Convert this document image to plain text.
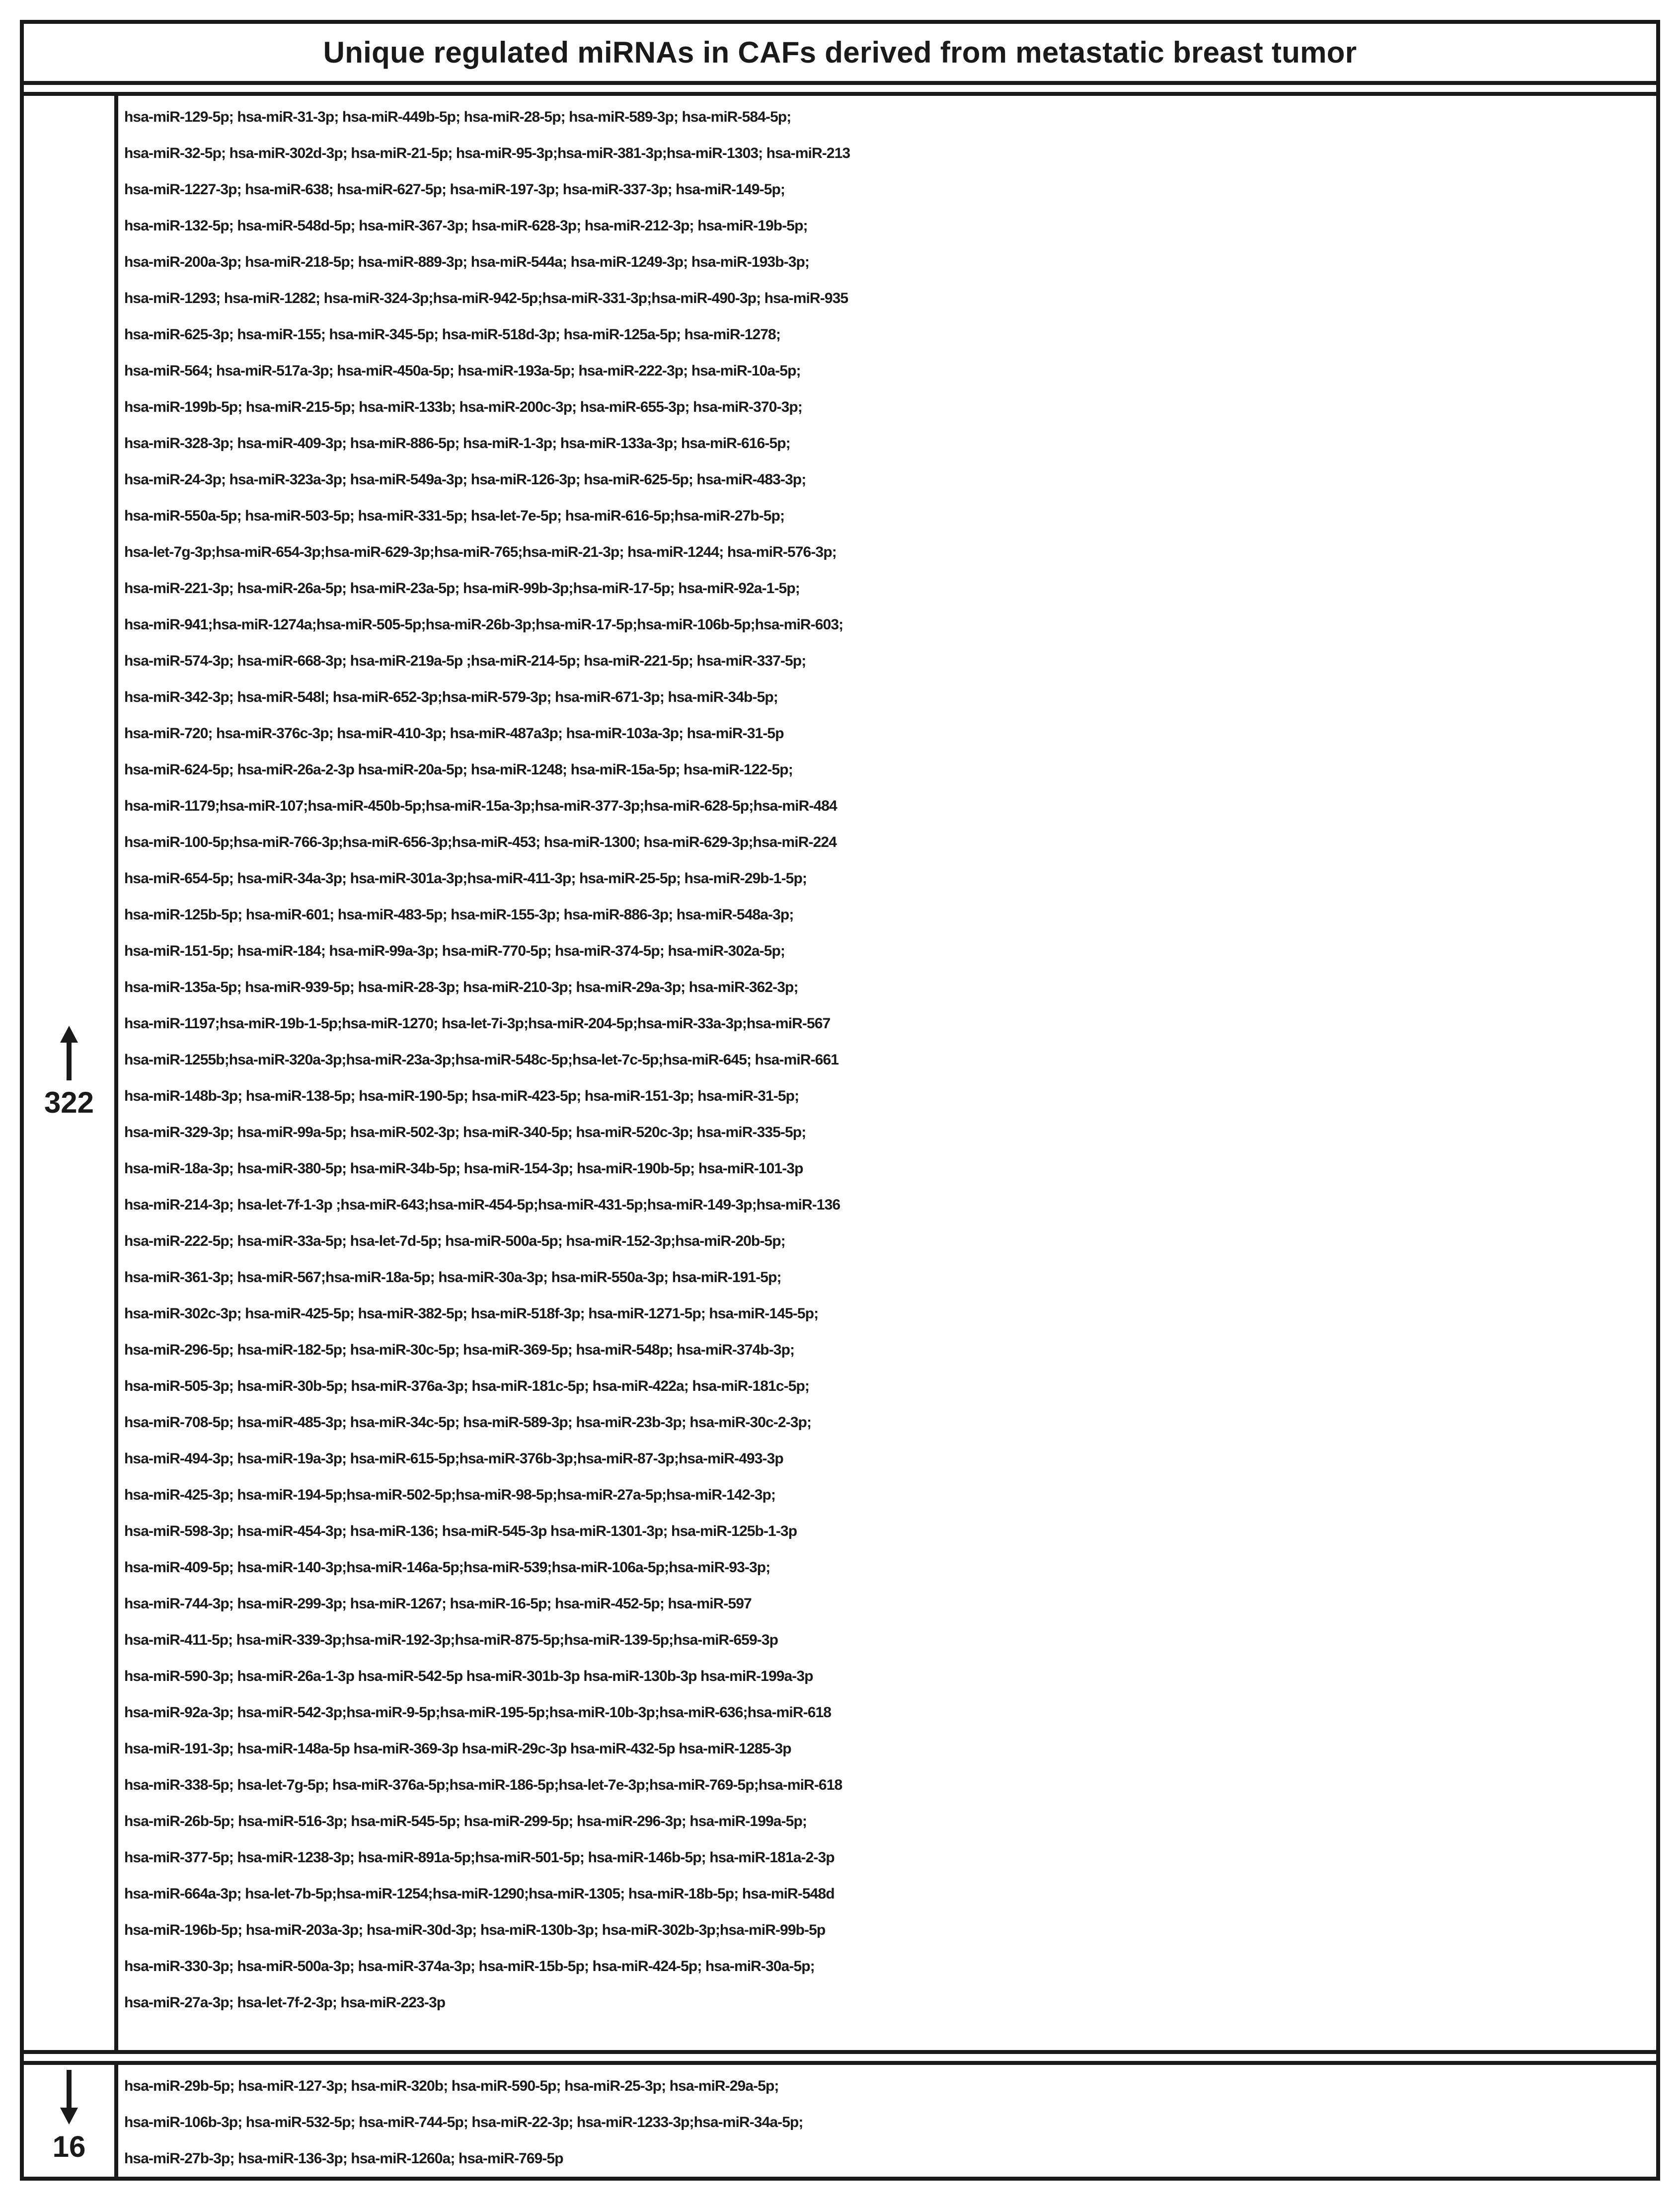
Unique regulated miRNAs in CAFs derived from metastatic breast tumor
322
hsa-miR-129-5p; hsa-miR-31-3p; hsa-miR-449b-5p; hsa-miR-28-5p; hsa-miR-589-3p; hsa-miR-584-5p;
hsa-miR-32-5p; hsa-miR-302d-3p; hsa-miR-21-5p; hsa-miR-95-3p;hsa-miR-381-3p;hsa-miR-1303; hsa-miR-213
hsa-miR-1227-3p; hsa-miR-638; hsa-miR-627-5p; hsa-miR-197-3p; hsa-miR-337-3p; hsa-miR-149-5p;
hsa-miR-132-5p; hsa-miR-548d-5p; hsa-miR-367-3p; hsa-miR-628-3p; hsa-miR-212-3p; hsa-miR-19b-5p;
hsa-miR-200a-3p; hsa-miR-218-5p; hsa-miR-889-3p; hsa-miR-544a; hsa-miR-1249-3p; hsa-miR-193b-3p;
hsa-miR-1293; hsa-miR-1282; hsa-miR-324-3p;hsa-miR-942-5p;hsa-miR-331-3p;hsa-miR-490-3p; hsa-miR-935
hsa-miR-625-3p; hsa-miR-155; hsa-miR-345-5p; hsa-miR-518d-3p; hsa-miR-125a-5p; hsa-miR-1278;
hsa-miR-564; hsa-miR-517a-3p; hsa-miR-450a-5p; hsa-miR-193a-5p; hsa-miR-222-3p; hsa-miR-10a-5p;
hsa-miR-199b-5p; hsa-miR-215-5p; hsa-miR-133b; hsa-miR-200c-3p; hsa-miR-655-3p; hsa-miR-370-3p;
hsa-miR-328-3p; hsa-miR-409-3p; hsa-miR-886-5p; hsa-miR-1-3p; hsa-miR-133a-3p; hsa-miR-616-5p;
hsa-miR-24-3p; hsa-miR-323a-3p; hsa-miR-549a-3p; hsa-miR-126-3p; hsa-miR-625-5p; hsa-miR-483-3p;
hsa-miR-550a-5p; hsa-miR-503-5p; hsa-miR-331-5p; hsa-let-7e-5p; hsa-miR-616-5p;hsa-miR-27b-5p;
hsa-let-7g-3p;hsa-miR-654-3p;hsa-miR-629-3p;hsa-miR-765;hsa-miR-21-3p; hsa-miR-1244; hsa-miR-576-3p;
hsa-miR-221-3p; hsa-miR-26a-5p; hsa-miR-23a-5p; hsa-miR-99b-3p;hsa-miR-17-5p; hsa-miR-92a-1-5p;
hsa-miR-941;hsa-miR-1274a;hsa-miR-505-5p;hsa-miR-26b-3p;hsa-miR-17-5p;hsa-miR-106b-5p;hsa-miR-603;
hsa-miR-574-3p; hsa-miR-668-3p; hsa-miR-219a-5p ;hsa-miR-214-5p; hsa-miR-221-5p; hsa-miR-337-5p;
hsa-miR-342-3p; hsa-miR-548l; hsa-miR-652-3p;hsa-miR-579-3p; hsa-miR-671-3p; hsa-miR-34b-5p;
hsa-miR-720; hsa-miR-376c-3p; hsa-miR-410-3p; hsa-miR-487a3p; hsa-miR-103a-3p; hsa-miR-31-5p
hsa-miR-624-5p; hsa-miR-26a-2-3p hsa-miR-20a-5p; hsa-miR-1248; hsa-miR-15a-5p; hsa-miR-122-5p;
hsa-miR-1179;hsa-miR-107;hsa-miR-450b-5p;hsa-miR-15a-3p;hsa-miR-377-3p;hsa-miR-628-5p;hsa-miR-484
hsa-miR-100-5p;hsa-miR-766-3p;hsa-miR-656-3p;hsa-miR-453; hsa-miR-1300; hsa-miR-629-3p;hsa-miR-224
hsa-miR-654-5p; hsa-miR-34a-3p; hsa-miR-301a-3p;hsa-miR-411-3p; hsa-miR-25-5p; hsa-miR-29b-1-5p;
hsa-miR-125b-5p; hsa-miR-601; hsa-miR-483-5p; hsa-miR-155-3p; hsa-miR-886-3p; hsa-miR-548a-3p;
hsa-miR-151-5p; hsa-miR-184; hsa-miR-99a-3p; hsa-miR-770-5p; hsa-miR-374-5p; hsa-miR-302a-5p;
hsa-miR-135a-5p; hsa-miR-939-5p; hsa-miR-28-3p; hsa-miR-210-3p; hsa-miR-29a-3p; hsa-miR-362-3p;
hsa-miR-1197;hsa-miR-19b-1-5p;hsa-miR-1270; hsa-let-7i-3p;hsa-miR-204-5p;hsa-miR-33a-3p;hsa-miR-567
hsa-miR-1255b;hsa-miR-320a-3p;hsa-miR-23a-3p;hsa-miR-548c-5p;hsa-let-7c-5p;hsa-miR-645; hsa-miR-661
hsa-miR-148b-3p; hsa-miR-138-5p; hsa-miR-190-5p; hsa-miR-423-5p; hsa-miR-151-3p; hsa-miR-31-5p;
hsa-miR-329-3p; hsa-miR-99a-5p; hsa-miR-502-3p; hsa-miR-340-5p; hsa-miR-520c-3p; hsa-miR-335-5p;
hsa-miR-18a-3p; hsa-miR-380-5p; hsa-miR-34b-5p; hsa-miR-154-3p; hsa-miR-190b-5p; hsa-miR-101-3p
hsa-miR-214-3p; hsa-let-7f-1-3p ;hsa-miR-643;hsa-miR-454-5p;hsa-miR-431-5p;hsa-miR-149-3p;hsa-miR-136
hsa-miR-222-5p; hsa-miR-33a-5p; hsa-let-7d-5p; hsa-miR-500a-5p; hsa-miR-152-3p;hsa-miR-20b-5p;
hsa-miR-361-3p; hsa-miR-567;hsa-miR-18a-5p; hsa-miR-30a-3p; hsa-miR-550a-3p; hsa-miR-191-5p;
hsa-miR-302c-3p; hsa-miR-425-5p; hsa-miR-382-5p; hsa-miR-518f-3p; hsa-miR-1271-5p; hsa-miR-145-5p;
hsa-miR-296-5p; hsa-miR-182-5p; hsa-miR-30c-5p; hsa-miR-369-5p; hsa-miR-548p; hsa-miR-374b-3p;
hsa-miR-505-3p; hsa-miR-30b-5p; hsa-miR-376a-3p; hsa-miR-181c-5p; hsa-miR-422a; hsa-miR-181c-5p;
hsa-miR-708-5p; hsa-miR-485-3p; hsa-miR-34c-5p; hsa-miR-589-3p; hsa-miR-23b-3p; hsa-miR-30c-2-3p;
hsa-miR-494-3p; hsa-miR-19a-3p; hsa-miR-615-5p;hsa-miR-376b-3p;hsa-miR-87-3p;hsa-miR-493-3p
hsa-miR-425-3p; hsa-miR-194-5p;hsa-miR-502-5p;hsa-miR-98-5p;hsa-miR-27a-5p;hsa-miR-142-3p;
hsa-miR-598-3p; hsa-miR-454-3p; hsa-miR-136; hsa-miR-545-3p hsa-miR-1301-3p; hsa-miR-125b-1-3p
hsa-miR-409-5p; hsa-miR-140-3p;hsa-miR-146a-5p;hsa-miR-539;hsa-miR-106a-5p;hsa-miR-93-3p;
hsa-miR-744-3p; hsa-miR-299-3p; hsa-miR-1267; hsa-miR-16-5p; hsa-miR-452-5p; hsa-miR-597
hsa-miR-411-5p; hsa-miR-339-3p;hsa-miR-192-3p;hsa-miR-875-5p;hsa-miR-139-5p;hsa-miR-659-3p
hsa-miR-590-3p; hsa-miR-26a-1-3p hsa-miR-542-5p hsa-miR-301b-3p hsa-miR-130b-3p hsa-miR-199a-3p
hsa-miR-92a-3p; hsa-miR-542-3p;hsa-miR-9-5p;hsa-miR-195-5p;hsa-miR-10b-3p;hsa-miR-636;hsa-miR-618
hsa-miR-191-3p; hsa-miR-148a-5p hsa-miR-369-3p hsa-miR-29c-3p hsa-miR-432-5p hsa-miR-1285-3p
hsa-miR-338-5p; hsa-let-7g-5p; hsa-miR-376a-5p;hsa-miR-186-5p;hsa-let-7e-3p;hsa-miR-769-5p;hsa-miR-618
hsa-miR-26b-5p; hsa-miR-516-3p; hsa-miR-545-5p; hsa-miR-299-5p; hsa-miR-296-3p; hsa-miR-199a-5p;
hsa-miR-377-5p; hsa-miR-1238-3p; hsa-miR-891a-5p;hsa-miR-501-5p; hsa-miR-146b-5p; hsa-miR-181a-2-3p
hsa-miR-664a-3p; hsa-let-7b-5p;hsa-miR-1254;hsa-miR-1290;hsa-miR-1305; hsa-miR-18b-5p; hsa-miR-548d
hsa-miR-196b-5p; hsa-miR-203a-3p; hsa-miR-30d-3p; hsa-miR-130b-3p; hsa-miR-302b-3p;hsa-miR-99b-5p
hsa-miR-330-3p; hsa-miR-500a-3p; hsa-miR-374a-3p; hsa-miR-15b-5p; hsa-miR-424-5p; hsa-miR-30a-5p;
hsa-miR-27a-3p; hsa-let-7f-2-3p; hsa-miR-223-3p
16
hsa-miR-29b-5p; hsa-miR-127-3p; hsa-miR-320b; hsa-miR-590-5p; hsa-miR-25-3p; hsa-miR-29a-5p;
hsa-miR-106b-3p; hsa-miR-532-5p; hsa-miR-744-5p; hsa-miR-22-3p; hsa-miR-1233-3p;hsa-miR-34a-5p;
hsa-miR-27b-3p; hsa-miR-136-3p; hsa-miR-1260a; hsa-miR-769-5p
